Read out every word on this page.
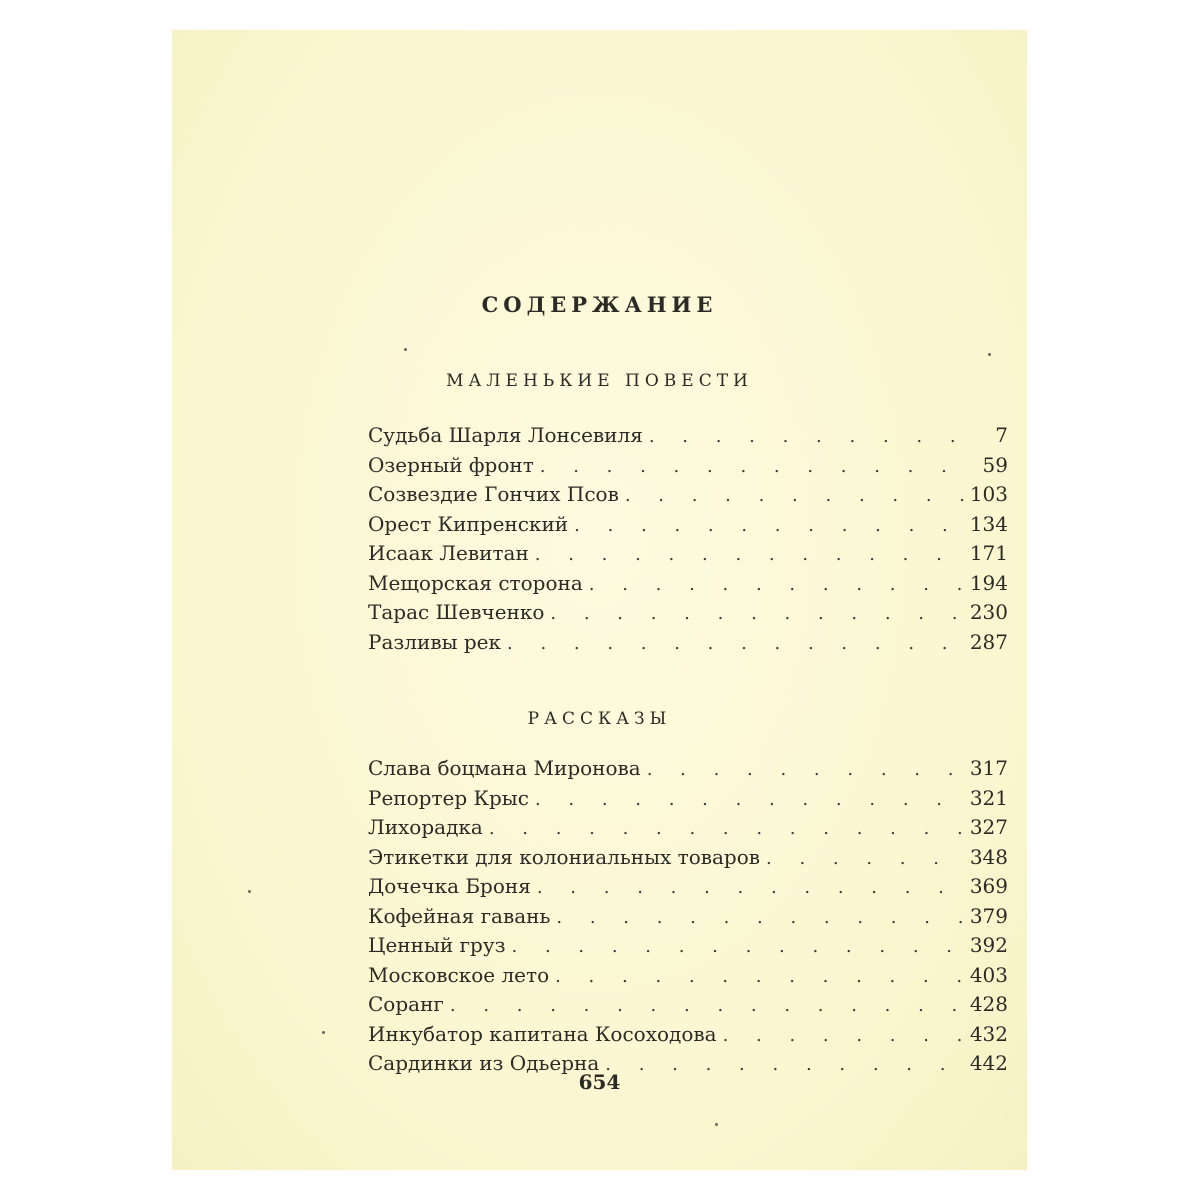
СОДЕРЖАНИЕ
МАЛЕНЬКИЕ ПОВЕСТИ
Судьба Шарля Лонсевиля . . .	7
Озерный фронт . . .	59
Созвездие Гончих Псов . . .	103
Орест Кипренский . . .	134
Исаак Левитан . . .	171
Мещорская сторона . . .	194
Тарас Шевченко . . .	230
Разливы рек . . .	287
РАССКАЗЫ
Слава боцмана Миронова . . .	317
Репортер Крыс . . .	321
Лихорадка . . .	327
Этикетки для колониальных товаров . . .	348
Дочечка Броня . . .	369
Кофейная гавань . . .	379
Ценный груз . . .	392
Московское лето . . .	403
Соранг . . .	428
Инкубатор капитана Косоходова . . .	432
Сардинки из Одьерна . . .	442
654
